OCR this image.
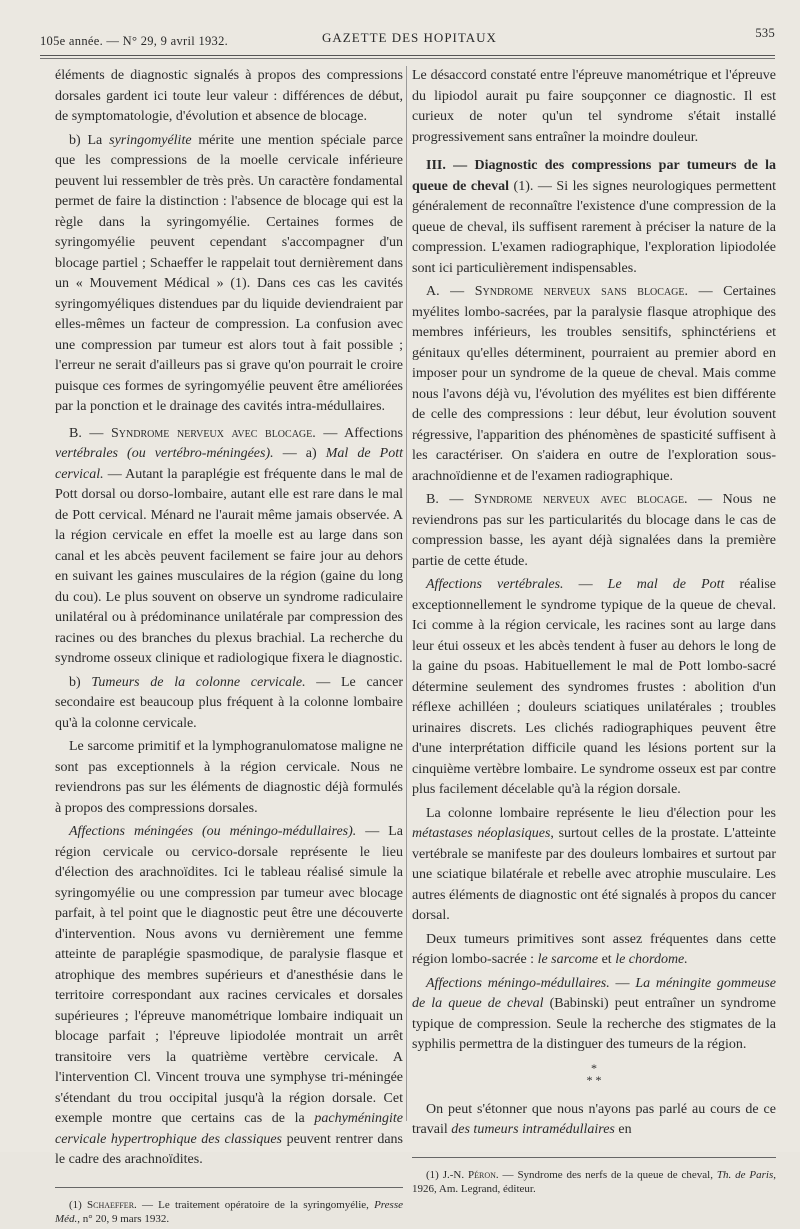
105e année. — N° 29, 9 avril 1932.	GAZETTE DES HOPITAUX	535

éléments de diagnostic signalés à propos des compressions dorsales gardent ici toute leur valeur : différences de début, de symptomatologie, d'évolution et absence de blocage.

b) La syringomyélite mérite une mention spéciale parce que les compressions de la moelle cervicale inférieure peuvent lui ressembler de très près. Un caractère fondamental permet de faire la distinction : l'absence de blocage qui est la règle dans la syringomyélie. Certaines formes de syringomyélie peuvent cependant s'accompagner d'un blocage partiel ; Schaeffer le rappelait tout dernièrement dans un « Mouvement Médical » (1). Dans ces cas les cavités syringomyéliques distendues par du liquide deviendraient par elles-mêmes un facteur de compression. La confusion avec une compression par tumeur est alors tout à fait possible ; l'erreur ne serait d'ailleurs pas si grave qu'on pourrait le croire puisque ces formes de syringomyélie peuvent être améliorées par la ponction et le drainage des cavités intra-médullaires.

B. — Syndrome nerveux avec blocage. — Affections vertébrales (ou vertébro-méningées). — a) Mal de Pott cervical. — Autant la paraplégie est fréquente dans le mal de Pott dorsal ou dorso-lombaire, autant elle est rare dans le mal de Pott cervical. Ménard ne l'aurait même jamais observée. A la région cervicale en effet la moelle est au large dans son canal et les abcès peuvent facilement se faire jour au dehors en suivant les gaines musculaires de la région (gaine du long du cou). Le plus souvent on observe un syndrome radiculaire unilatéral ou à prédominance unilatérale par compression des racines ou des branches du plexus brachial. La recherche du syndrome osseux clinique et radiologique fixera le diagnostic.

b) Tumeurs de la colonne cervicale. — Le cancer secondaire est beaucoup plus fréquent à la colonne lombaire qu'à la colonne cervicale.

Le sarcome primitif et la lymphogranulomatose maligne ne sont pas exceptionnels à la région cervicale. Nous ne reviendrons pas sur les éléments de diagnostic déjà formulés à propos des compressions dorsales.

Affections méningées (ou méningo-médullaires). — La région cervicale ou cervico-dorsale représente le lieu d'élection des arachnoïdites. Ici le tableau réalisé simule la syringomyélie ou une compression par tumeur avec blocage parfait, à tel point que le diagnostic peut être une découverte d'intervention. Nous avons vu dernièrement une femme atteinte de paraplégie spasmodique, de paralysie flasque et atrophique des membres supérieurs et d'anesthésie dans le territoire correspondant aux racines cervicales et dorsales supérieures ; l'épreuve manométrique lombaire indiquait un blocage parfait ; l'épreuve lipiodolée montrait un arrêt transitoire vers la quatrième vertèbre cervicale. A l'intervention Cl. Vincent trouva une symphyse tri-méningée s'étendant du trou occipital jusqu'à la région dorsale. Cet exemple montre que certains cas de la pachyméningite cervicale hypertrophique des classiques peuvent rentrer dans le cadre des arachnoïdites.

(1) Schaeffer. — Le traitement opératoire de la syringomyélie, Presse Méd., n° 20, 9 mars 1932.

Le désaccord constaté entre l'épreuve manométrique et l'épreuve du lipiodol aurait pu faire soupçonner ce diagnostic. Il est curieux de noter qu'un tel syndrome s'était installé progressivement sans entraîner la moindre douleur.

III. — Diagnostic des compressions par tumeurs de la queue de cheval (1). — Si les signes neurologiques permettent généralement de reconnaître l'existence d'une compression de la queue de cheval, ils suffisent rarement à préciser la nature de la compression. L'examen radiographique, l'exploration lipiodolée sont ici particulièrement indispensables.

A. — Syndrome nerveux sans blocage. — Certaines myélites lombo-sacrées, par la paralysie flasque atrophique des membres inférieurs, les troubles sensitifs, sphinctériens et génitaux qu'elles déterminent, pourraient au premier abord en imposer pour un syndrome de la queue de cheval. Mais comme nous l'avons déjà vu, l'évolution des myélites est bien différente de celle des compressions : leur début, leur évolution souvent régressive, l'apparition des phénomènes de spasticité suffisent à les caractériser. On s'aidera en outre de l'exploration sous-arachnoïdienne et de l'examen radiographique.

B. — Syndrome nerveux avec blocage. — Nous ne reviendrons pas sur les particularités du blocage dans le cas de compression basse, les ayant déjà signalées dans la première partie de cette étude.

Affections vertébrales. — Le mal de Pott réalise exceptionnellement le syndrome typique de la queue de cheval. Ici comme à la région cervicale, les racines sont au large dans leur étui osseux et les abcès tendent à fuser au dehors le long de la gaine du psoas. Habituellement le mal de Pott lombo-sacré détermine seulement des syndromes frustes : abolition d'un réflexe achilléen ; douleurs sciatiques unilatérales ; troubles urinaires discrets. Les clichés radiographiques peuvent être d'une interprétation difficile quand les lésions portent sur la cinquième vertèbre lombaire. Le syndrome osseux est par contre plus facilement décelable qu'à la région dorsale.

La colonne lombaire représente le lieu d'élection pour les métastases néoplasiques, surtout celles de la prostate. L'atteinte vertébrale se manifeste par des douleurs lombaires et surtout par une sciatique bilatérale et rebelle avec atrophie musculaire. Les autres éléments de diagnostic ont été signalés à propos du cancer dorsal.

Deux tumeurs primitives sont assez fréquentes dans cette région lombo-sacrée : le sarcome et le chordome.

Affections méningo-médullaires. — La méningite gommeuse de la queue de cheval (Babinski) peut entraîner un syndrome typique de compression. Seule la recherche des stigmates de la syphilis permettra de la distinguer des tumeurs de la région.

*
* *

On peut s'étonner que nous n'ayons pas parlé au cours de ce travail des tumeurs intramédullaires en

(1) J.-N. Péron. — Syndrome des nerfs de la queue de cheval, Th. de Paris, 1926, Am. Legrand, éditeur.
